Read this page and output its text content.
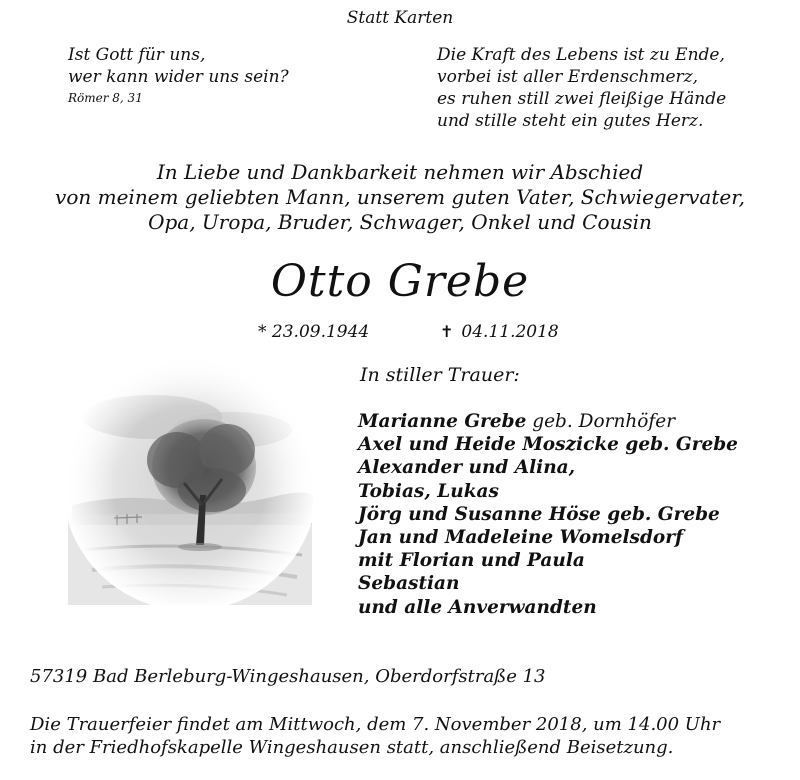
Statt Karten
Ist Gott für uns,
wer kann wider uns sein?
Römer 8, 31
Die Kraft des Lebens ist zu Ende,
vorbei ist aller Erdenschmerz,
es ruhen still zwei fleißige Hände
und stille steht ein gutes Herz.
In Liebe und Dankbarkeit nehmen wir Abschied
von meinem geliebten Mann, unserem guten Vater, Schwiegervater,
Opa, Uropa, Bruder, Schwager, Onkel und Cousin
Otto Grebe
* 23.09.1944	✝ 04.11.2018
In stiller Trauer:
Marianne Grebe geb. Dornhöfer
Axel und Heide Moszicke geb. Grebe
Alexander und Alina,
Tobias, Lukas
Jörg und Susanne Höse geb. Grebe
Jan und Madeleine Womelsdorf
mit Florian und Paula
Sebastian
und alle Anverwandten
57319 Bad Berleburg-Wingeshausen, Oberdorfstraße 13
Die Trauerfeier findet am Mittwoch, dem 7. November 2018, um 14.00 Uhr
in der Friedhofskapelle Wingeshausen statt, anschließend Beisetzung.
